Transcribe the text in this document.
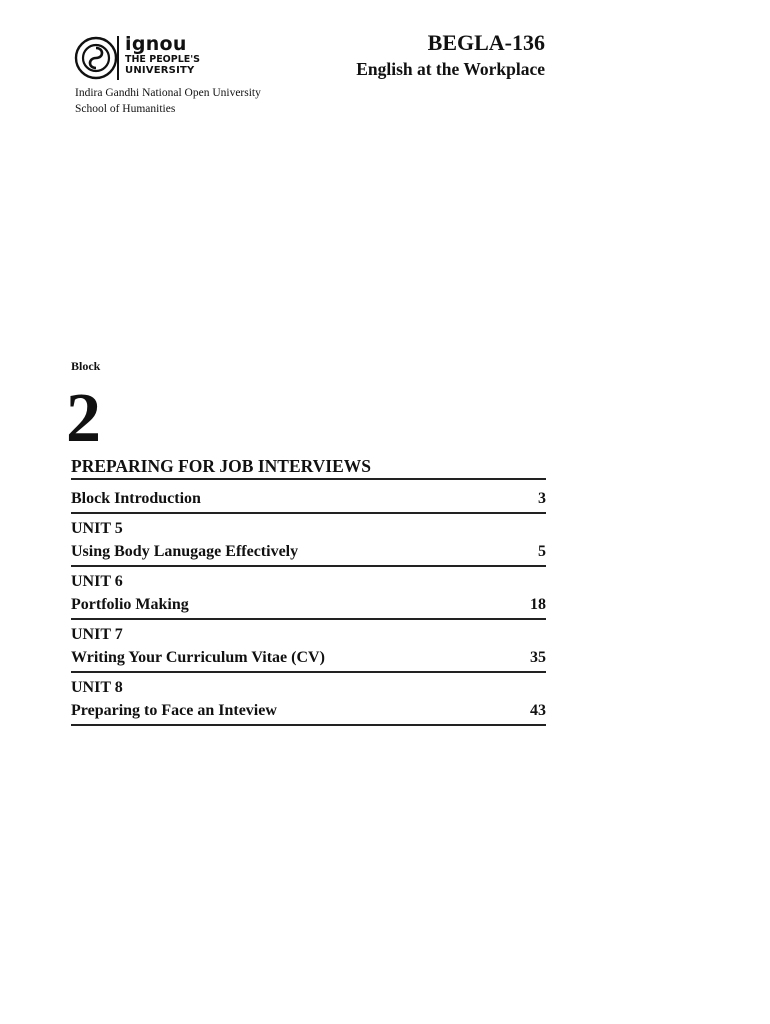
ignou
THE PEOPLE'S
UNIVERSITY
Indira Gandhi National Open University
School of Humanities
BEGLA-136
English at the Workplace
Block
2
PREPARING FOR JOB INTERVIEWS
Block Introduction	3
UNIT 5
Using Body Lanugage Effectively	5
UNIT 6
Portfolio Making	18
UNIT 7
Writing Your Curriculum Vitae (CV)	35
UNIT 8
Preparing to Face an Inteview	43
